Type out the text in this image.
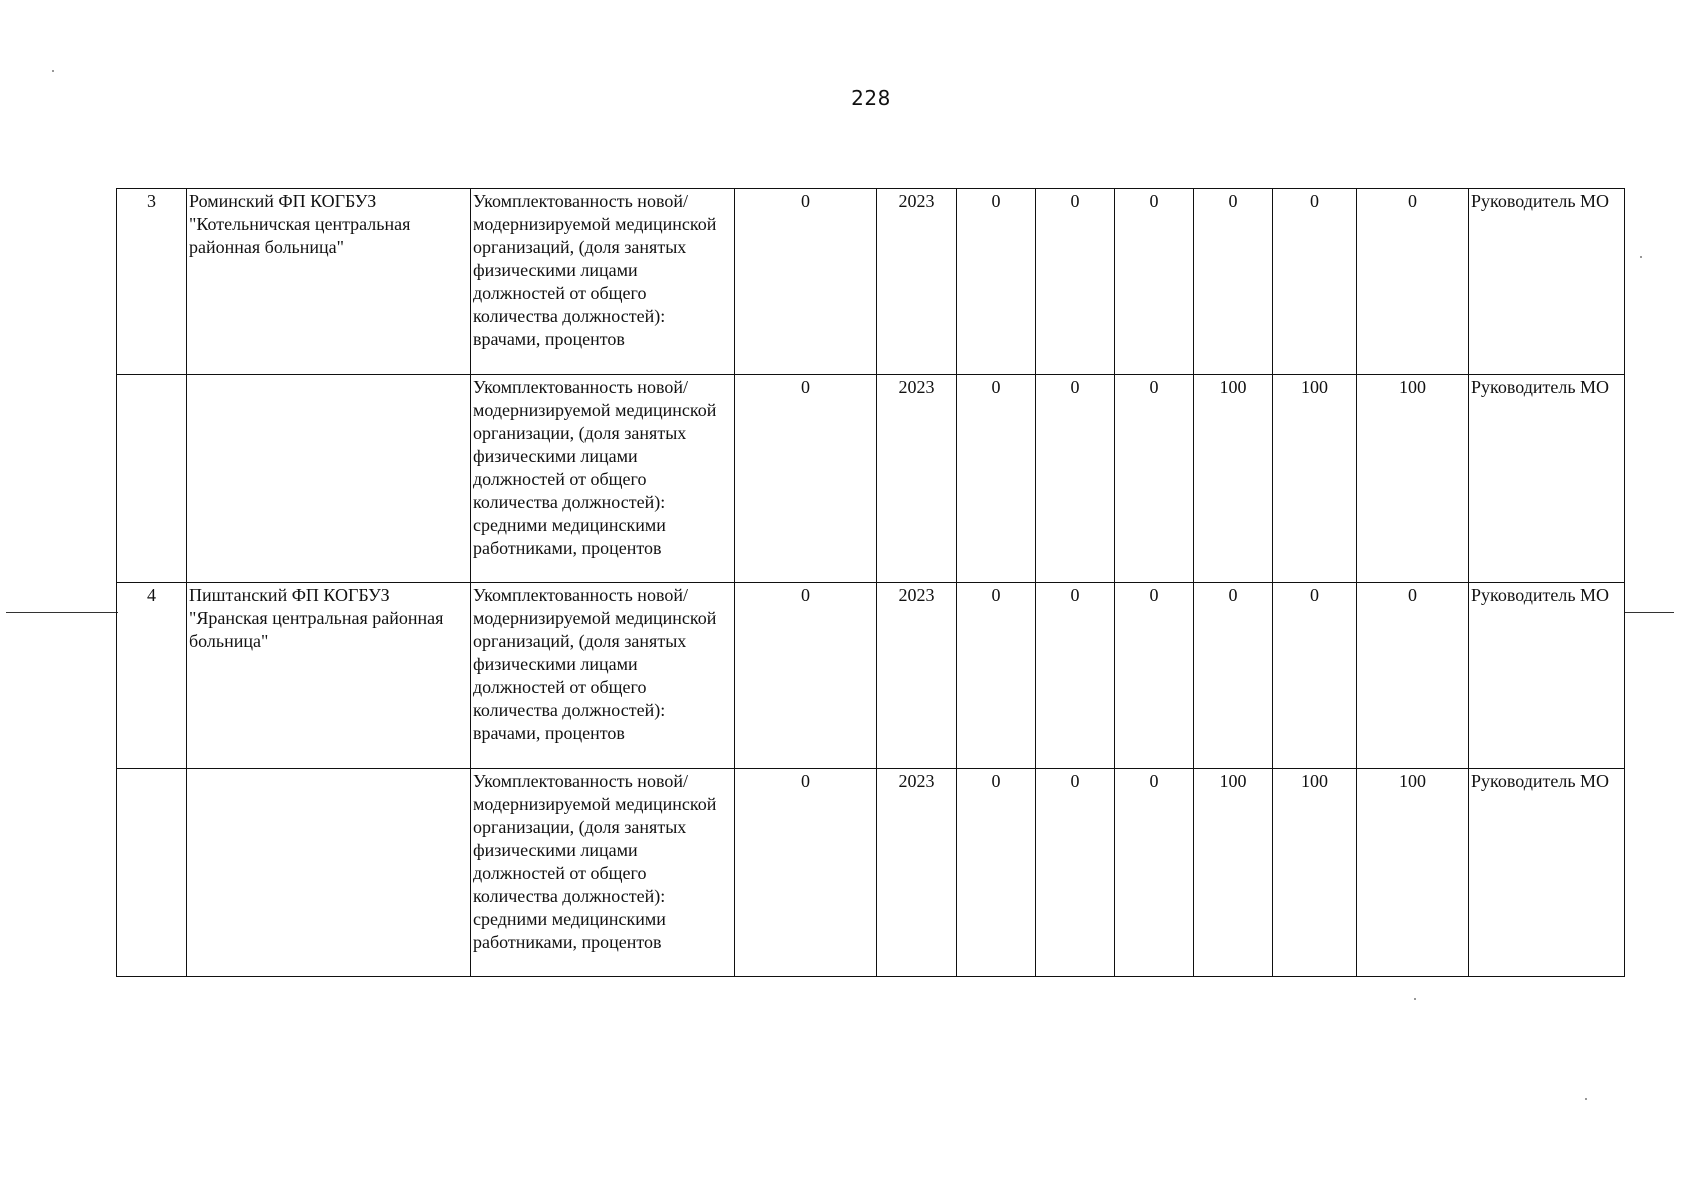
228
3	Роминский ФП КОГБУЗ "Котельничская центральная районная больница"	Укомплектованность новой/модернизируемой медицинской организаций, (доля занятых физическими лицами должностей от общего количества должностей): врачами, процентов	0	2023	0	0	0	0	0	0	Руководитель МО
		Укомплектованность новой/модернизируемой медицинской организации, (доля занятых физическими лицами должностей от общего количества должностей): средними медицинскими работниками, процентов	0	2023	0	0	0	100	100	100	Руководитель МО
4	Пиштанский ФП КОГБУЗ "Яранская центральная районная больница"	Укомплектованность новой/модернизируемой медицинской организаций, (доля занятых физическими лицами должностей от общего количества должностей): врачами, процентов	0	2023	0	0	0	0	0	0	Руководитель МО
		Укомплектованность новой/модернизируемой медицинской организации, (доля занятых физическими лицами должностей от общего количества должностей): средними медицинскими работниками, процентов	0	2023	0	0	0	100	100	100	Руководитель МО
